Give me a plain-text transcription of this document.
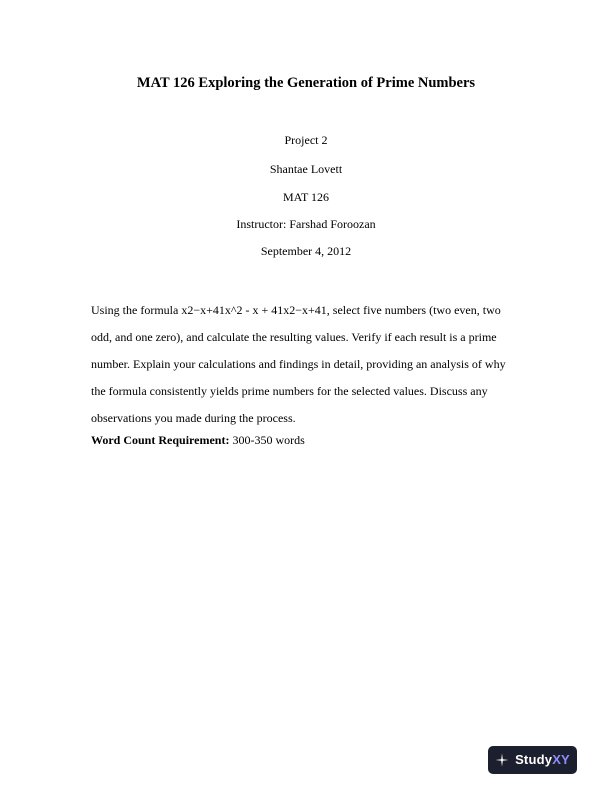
MAT 126 Exploring the Generation of Prime Numbers

Project 2

Shantae Lovett

MAT 126

Instructor: Farshad Foroozan

September 4, 2012

Using the formula x2−x+41x^2 - x + 41x2−x+41, select five numbers (two even, two
odd, and one zero), and calculate the resulting values. Verify if each result is a prime
number. Explain your calculations and findings in detail, providing an analysis of why
the formula consistently yields prime numbers for the selected values. Discuss any
observations you made during the process.

Word Count Requirement: 300-350 words

StudyXY
